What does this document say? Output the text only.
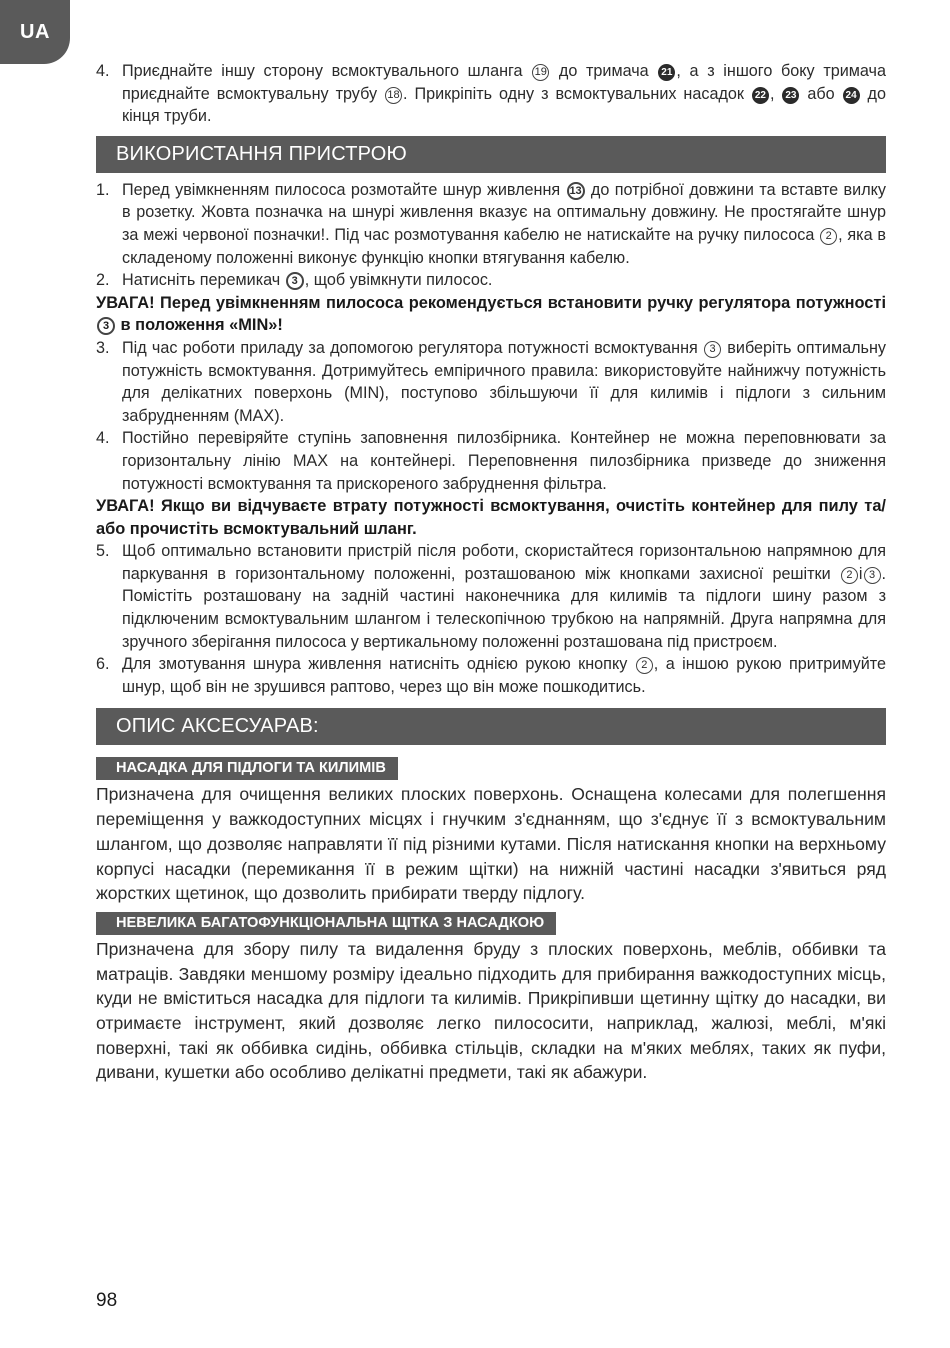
UA
4. Приєднайте іншу сторону всмоктувального шланга 19 до тримача 21 , а з іншого боку тримача приєднайте всмоктувальну трубу 18 . Прикріпіть одну з всмоктувальних насадок 22 , 23 або 24 до кінця труби.
ВИКОРИСТАННЯ ПРИСТРОЮ
1. Перед увімкненням пилососа розмотайте шнур живлення 13 до потрібної довжини та вставте вилку в розетку. Жовта позначка на шнурі живлення вказує на оптимальну довжину. Не простягайте шнур за межі червоної позначки!. Під час розмотування кабелю не натискайте на ручку пилососа 2 , яка в складеному положенні виконує функцію кнопки втягування кабелю.
2. Натисніть перемикач 3 , щоб увімкнути пилосос.
УВАГА! Перед увімкненням пилососа рекомендується встановити ручку регулятора потужності 3 в положення «MIN»!
3. Під час роботи приладу за допомогою регулятора потужності всмоктування 3 виберіть оптимальну потужність всмоктування. Дотримуйтесь емпіричного правила: використовуйте найнижчу потужність для делікатних поверхонь (MIN), поступово збільшуючи її для килимів і підлоги з сильним забрудненням (MAX).
4. Постійно перевіряйте ступінь заповнення пилозбірника. Контейнер не можна переповнювати за горизонтальну лінію MAX на контейнері. Переповнення пилозбірника призведе до зниження потужності всмоктування та прискореного забруднення фільтра.
УВАГА! Якщо ви відчуваєте втрату потужності всмоктування, очистіть контейнер для пилу та/або прочистіть всмоктувальний шланг.
5. Щоб оптимально встановити пристрій після роботи, скористайтеся горизонтальною напрямною для паркування в горизонтальному положенні, розташованою між кнопками захисної решітки 2 і 3 . Помістіть розташовану на задній частині наконечника для килимів та підлоги шину разом з підключеним всмоктувальним шлангом і телескопічною трубкою на напрямній. Друга напрямна для зручного зберігання пилососа у вертикальному положенні розташована під пристроєм.
6. Для змотування шнура живлення натисніть однією рукою кнопку 2 , а іншою рукою притримуйте шнур, щоб він не зрушився раптово, через що він може пошкодитись.
ОПИС АКСЕСУАРАВ:
НАСАДКА ДЛЯ ПІДЛОГИ ТА КИЛИМІВ

Призначена для очищення великих плоских поверхонь. Оснащена колесами для полегшення переміщення у важкодоступних місцях і гнучким з'єднанням, що з'єднує її з всмоктувальним шлангом, що дозволяє направляти її під різними кутами. Після натискання кнопки на верхньому корпусі насадки (перемикання її в режим щітки) на нижній частині насадки з'явиться ряд жорстких щетинок, що дозволить прибирати тверду підлогу.

НЕВЕЛИКА БАГАТОФУНКЦІОНАЛЬНА ЩІТКА З НАСАДКОЮ

Призначена для збору пилу та видалення бруду з плоских поверхонь, меблів, оббивки та матраців. Завдяки меншому розміру ідеально підходить для прибирання важкодоступних місць, куди не вміститься насадка для підлоги та килимів. Прикріпивши щетинну щітку до насадки, ви отримаєте інструмент, який дозволяє легко пилососити, наприклад, жалюзі, меблі, м'які поверхні, такі як оббивка сидінь, оббивка стільців, складки на м'яких меблях, таких як пуфи, дивани, кушетки або особливо делікатні предмети, такі як абажури.

98
